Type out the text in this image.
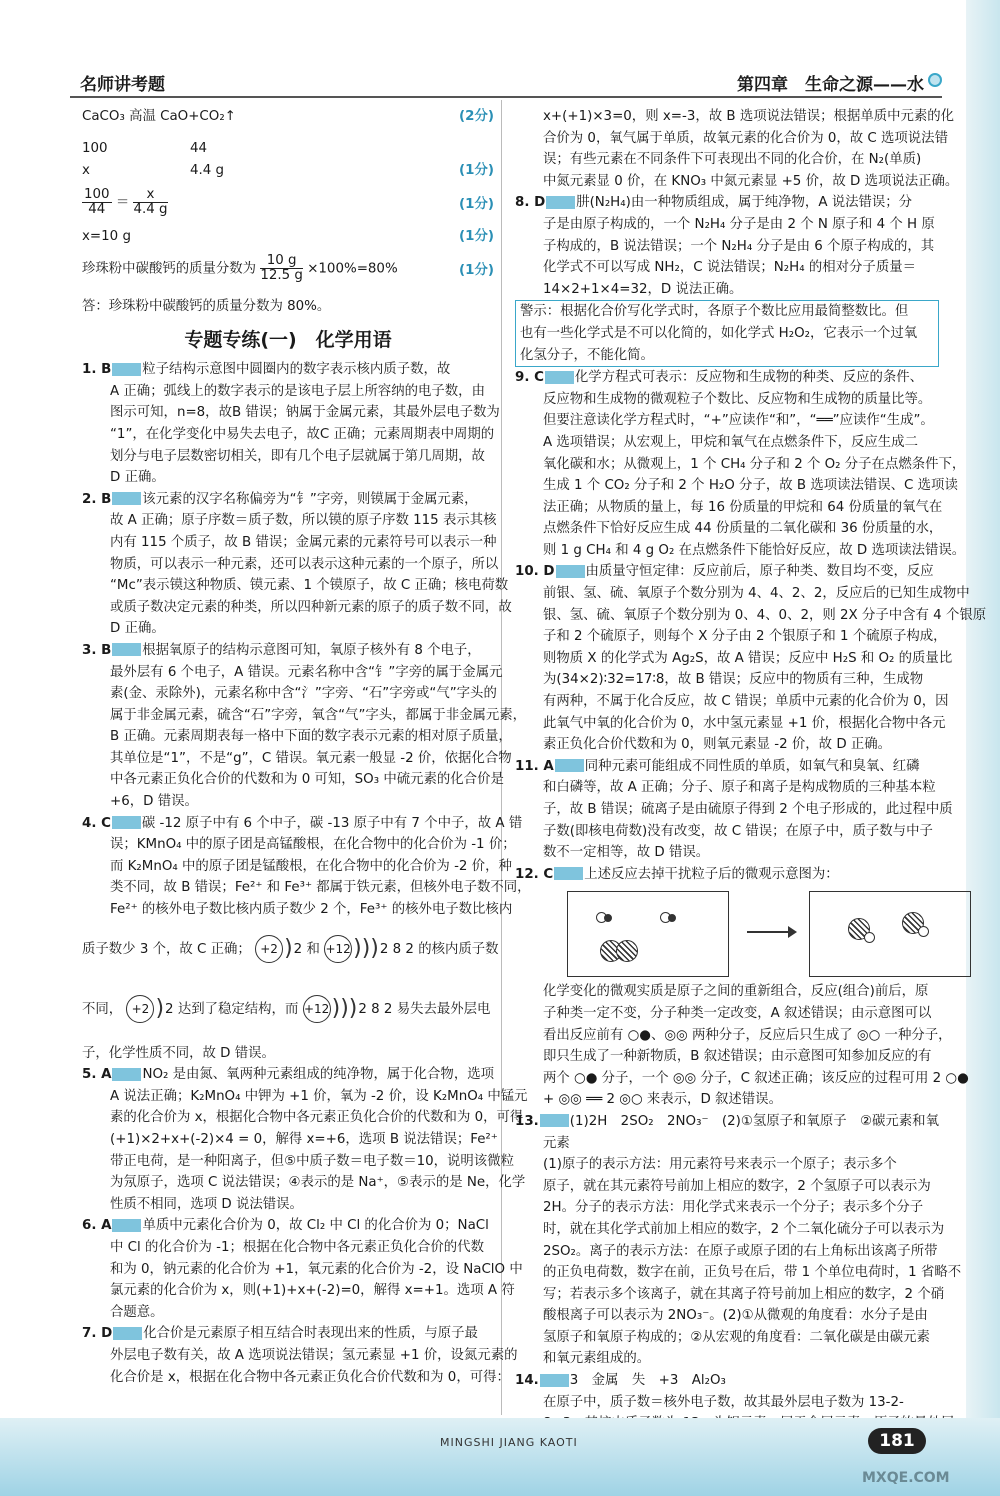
名师讲考题	第四章　生命之源——水
CaCO₃ 高温 CaO+CO₂↑	(2分)
100	44
x	4.4 g	(1分)
$\frac{100}{44} = \frac{x}{4.4 g}$	(1分)
x=10 g	(1分)
珍珠粉中碳酸钙的质量分数为 $\frac{10 g}{12.5 g} \times 100\%=80\%$	(1分)
答：珍珠粉中碳酸钙的质量分数为 80%。
专题专练(一)　化学用语
1. B 粒子结构示意图中圆圈内的数字表示核内质子数，故
A 正确；弧线上的数字表示的是该电子层上所容纳的电子数，由
图示可知，n=8，故B 错误；钠属于金属元素，其最外层电子数为
“1”，在化学变化中易失去电子，故C 正确；元素周期表中周期的
划分与电子层数密切相关，即有几个电子层就属于第几周期，故
D 正确。
2. B 该元素的汉字名称偏旁为“钅”字旁，则镆属于金属元素，
故 A 正确；原子序数＝质子数，所以镆的原子序数 115 表示其核
内有 115 个质子，故 B 错误；金属元素的元素符号可以表示一种
物质，可以表示一种元素，还可以表示这种元素的一个原子，所以
“Mc”表示镆这种物质、镆元素、1 个镆原子，故 C 正确；核电荷数
或质子数决定元素的种类，所以四种新元素的原子的质子数不同，故
D 正确。
3. B 根据氧原子的结构示意图可知，氧原子核外有 8 个电子，
最外层有 6 个电子，A 错误。元素名称中含“钅”字旁的属于金属元
素(金、汞除外)，元素名称中含“氵”字旁、“石”字旁或“气”字头的
属于非金属元素，硫含“石”字旁，氧含“气”字头，都属于非金属元素，
B 正确。元素周期表每一格中下面的数字表示元素的相对原子质量，
其单位是“1”，不是“g”，C 错误。氧元素一般显 -2 价，依据化合物
中各元素正负化合价的代数和为 0 可知，SO₃ 中硫元素的化合价是
+6，D 错误。
4. C 碳 -12 原子中有 6 个中子，碳 -13 原子中有 7 个中子，故 A 错
误；KMnO₄ 中的原子团是高锰酸根，在化合物中的化合价为 -1 价；
而 K₂MnO₄ 中的原子团是锰酸根，在化合物中的化合价为 -2 价，种
类不同，故 B 错误；Fe²⁺ 和 Fe³⁺ 都属于铁元素，但核外电子数不同，
Fe²⁺ 的核外电子数比核内质子数少 2 个，Fe³⁺ 的核外电子数比核内
质子数少 3 个，故 C 正确； +2 )2 和 +12 )))2 8 2 的核内质子数
不同， +2 )2 达到了稳定结构，而 +12 )))2 8 2 易失去最外层电
子，化学性质不同，故 D 错误。
5. A NO₂ 是由氮、氧两种元素组成的纯净物，属于化合物，选项
A 说法正确；K₂MnO₄ 中钾为 +1 价，氧为 -2 价，设 K₂MnO₄ 中锰元
素的化合价为 x，根据化合物中各元素正负化合价的代数和为 0，可得
(+1)×2+x+(-2)×4 = 0，解得 x=+6，选项 B 说法错误；Fe²⁺
带正电荷，是一种阳离子，但⑤中质子数＝电子数＝10，说明该微粒
为氖原子，选项 C 说法错误；④表示的是 Na⁺，⑤表示的是 Ne，化学
性质不相同，选项 D 说法错误。
6. A 单质中元素化合价为 0，故 Cl₂ 中 Cl 的化合价为 0；NaCl
中 Cl 的化合价为 -1；根据在化合物中各元素正负化合价的代数
和为 0，钠元素的化合价为 +1，氧元素的化合价为 -2，设 NaClO 中
氯元素的化合价为 x，则(+1)+x+(-2)=0，解得 x=+1。选项 A 符
合题意。
7. D 化合价是元素原子相互结合时表现出来的性质，与原子最
外层电子数有关，故 A 选项说法错误；氢元素显 +1 价，设氮元素的
化合价是 x，根据在化合物中各元素正负化合价代数和为 0，可得：
x+(+1)×3=0，则 x=-3，故 B 选项说法错误；根据单质中元素的化
合价为 0，氧气属于单质，故氧元素的化合价为 0，故 C 选项说法错
误；有些元素在不同条件下可表现出不同的化合价，在 N₂(单质)
中氮元素显 0 价，在 KNO₃ 中氮元素显 +5 价，故 D 选项说法正确。
8. D 肼(N₂H₄)由一种物质组成，属于纯净物，A 说法错误；分
子是由原子构成的，一个 N₂H₄ 分子是由 2 个 N 原子和 4 个 H 原
子构成的，B 说法错误；一个 N₂H₄ 分子是由 6 个原子构成的，其
化学式不可以写成 NH₂，C 说法错误；N₂H₄ 的相对分子质量＝
14×2+1×4=32，D 说法正确。
警示：根据化合价写化学式时，各原子个数比应用最简整数比。但
也有一些化学式是不可以化简的，如化学式 H₂O₂，它表示一个过氧
化氢分子，不能化简。
9. C 化学方程式可表示：反应物和生成物的种类、反应的条件、
反应物和生成物的微观粒子个数比、反应物和生成物的质量比等。
但要注意读化学方程式时，“+”应读作“和”，“══”应读作“生成”。
A 选项错误；从宏观上，甲烷和氧气在点燃条件下，反应生成二
氧化碳和水；从微观上，1 个 CH₄ 分子和 2 个 O₂ 分子在点燃条件下，
生成 1 个 CO₂ 分子和 2 个 H₂O 分子，故 B 选项读法错误、C 选项读
法正确；从物质的量上，每 16 份质量的甲烷和 64 份质量的氧气在
点燃条件下恰好反应生成 44 份质量的二氧化碳和 36 份质量的水，
则 1 g CH₄ 和 4 g O₂ 在点燃条件下能恰好反应，故 D 选项读法错误。
10. D 由质量守恒定律：反应前后，原子种类、数目均不变，反应
前银、氢、硫、氧原子个数分别为 4、4、2、2，反应后的已知生成物中
银、氢、硫、氧原子个数分别为 0、4、0、2，则 2X 分子中含有 4 个银原
子和 2 个硫原子，则每个 X 分子由 2 个银原子和 1 个硫原子构成，
则物质 X 的化学式为 Ag₂S，故 A 错误；反应中 H₂S 和 O₂ 的质量比
为(34×2)∶32=17∶8，故 B 错误；反应中的物质有三种，生成物
有两种，不属于化合反应，故 C 错误；单质中元素的化合价为 0，因
此氧气中氧的化合价为 0，水中氢元素显 +1 价，根据化合物中各元
素正负化合价代数和为 0，则氧元素显 -2 价，故 D 正确。
11. A 同种元素可能组成不同性质的单质，如氧气和臭氧、红磷
和白磷等，故 A 正确；分子、原子和离子是构成物质的三种基本粒
子，故 B 错误；硫离子是由硫原子得到 2 个电子形成的，此过程中质
子数(即核电荷数)没有改变，故 C 错误；在原子中，质子数与中子
数不一定相等，故 D 错误。
12. C 上述反应去掉干扰粒子后的微观示意图为：
化学变化的微观实质是原子之间的重新组合，反应(组合)前后，原
子种类一定不变，分子种类一定改变，A 叙述错误；由示意图可以
看出反应前有 ○●、◎◎ 两种分子，反应后只生成了 ◎○ 一种分子，
即只生成了一种新物质，B 叙述错误；由示意图可知参加反应的有
两个 ○● 分子，一个 ◎◎ 分子，C 叙述正确；该反应的过程可用 2 ○●
+ ◎◎ ══ 2 ◎○ 来表示，D 叙述错误。
13. (1)2H　2SO₂　2NO₃⁻　(2)①氢原子和氧原子　②碳元素和氧
元素
(1)原子的表示方法：用元素符号来表示一个原子；表示多个
原子，就在其元素符号前加上相应的数字，2 个氢原子可以表示为
2H。分子的表示方法：用化学式来表示一个分子；表示多个分子
时，就在其化学式前加上相应的数字，2 个二氧化硫分子可以表示为
2SO₂。离子的表示方法：在原子或原子团的右上角标出该离子所带
的正负电荷数，数字在前，正负号在后，带 1 个单位电荷时，1 省略不
写；若表示多个该离子，就在其离子符号前加上相应的数字，2 个硝
酸根离子可以表示为 2NO₃⁻。(2)①从微观的角度看：水分子是由
氢原子和氧原子构成的；②从宏观的角度看：二氧化碳是由碳元素
和氧元素组成的。
14. 3　金属　失　+3　Al₂O₃
在原子中，质子数＝核外电子数，故其最外层电子数为 13-2-
MINGSHI JIANG KAOTI	181
MXQE.COM
